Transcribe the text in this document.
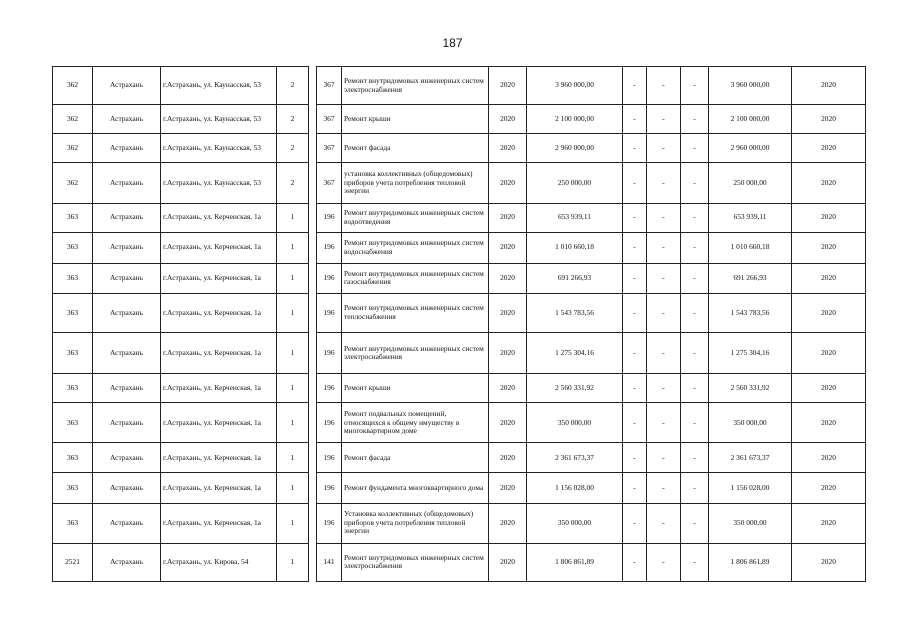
187
362	Астрахань	г.Астрахань, ул. Каунасская, 53	2		367	Ремонт внутридомовых инженерных систем электроснабжения	2020	3 960 000,00	-	-	-	3 960 000,00	2020
362	Астрахань	г.Астрахань, ул. Каунасская, 53	2		367	Ремонт крыши	2020	2 100 000,00	-	-	-	2 100 000,00	2020
362	Астрахань	г.Астрахань, ул. Каунасская, 53	2		367	Ремонт фасада	2020	2 960 000,00	-	-	-	2 960 000,00	2020
362	Астрахань	г.Астрахань, ул. Каунасская, 53	2		367	установка коллективных (общедомовых) приборов учета потребления тепловой энергии	2020	250 000,00	-	-	-	250 000,00	2020
363	Астрахань	г.Астрахань, ул. Керченская, 1а	1		196	Ремонт внутридомовых инженерных систем водоотведения	2020	653 939,11	-	-	-	653 939,11	2020
363	Астрахань	г.Астрахань, ул. Керченская, 1а	1		196	Ремонт внутридомовых инженерных систем водоснабжения	2020	1 010 660,18	-	-	-	1 010 660,18	2020
363	Астрахань	г.Астрахань, ул. Керченская, 1а	1		196	Ремонт внутридомовых инженерных систем газоснабжения	2020	691 266,93	-	-	-	691 266,93	2020
363	Астрахань	г.Астрахань, ул. Керченская, 1а	1		196	Ремонт внутридомовых инженерных систем теплоснабжения	2020	1 543 783,56	-	-	-	1 543 783,56	2020
363	Астрахань	г.Астрахань, ул. Керченская, 1а	1		196	Ремонт внутридомовых инженерных систем электроснабжения	2020	1 275 304,16	-	-	-	1 275 304,16	2020
363	Астрахань	г.Астрахань, ул. Керченская, 1а	1		196	Ремонт крыши	2020	2 560 331,92	-	-	-	2 560 331,92	2020
363	Астрахань	г.Астрахань, ул. Керченская, 1а	1		196	Ремонт подвальных помещений, относящихся к общему имуществу в многоквартирном доме	2020	350 000,00	-	-	-	350 000,00	2020
363	Астрахань	г.Астрахань, ул. Керченская, 1а	1		196	Ремонт фасада	2020	2 361 673,37	-	-	-	2 361 673,37	2020
363	Астрахань	г.Астрахань, ул. Керченская, 1а	1		196	Ремонт фундамента многоквартирного дома	2020	1 156 028,00	-	-	-	1 156 028,00	2020
363	Астрахань	г.Астрахань, ул. Керченская, 1а	1		196	Установка коллективных (общедомовых) приборов учета потребления тепловой энергии	2020	350 000,00	-	-	-	350 000,00	2020
2521	Астрахань	г.Астрахань, ул. Кирова, 54	1		141	Ремонт внутридомовых инженерных систем электроснабжения	2020	1 806 861,89	-	-	-	1 806 861,89	2020
